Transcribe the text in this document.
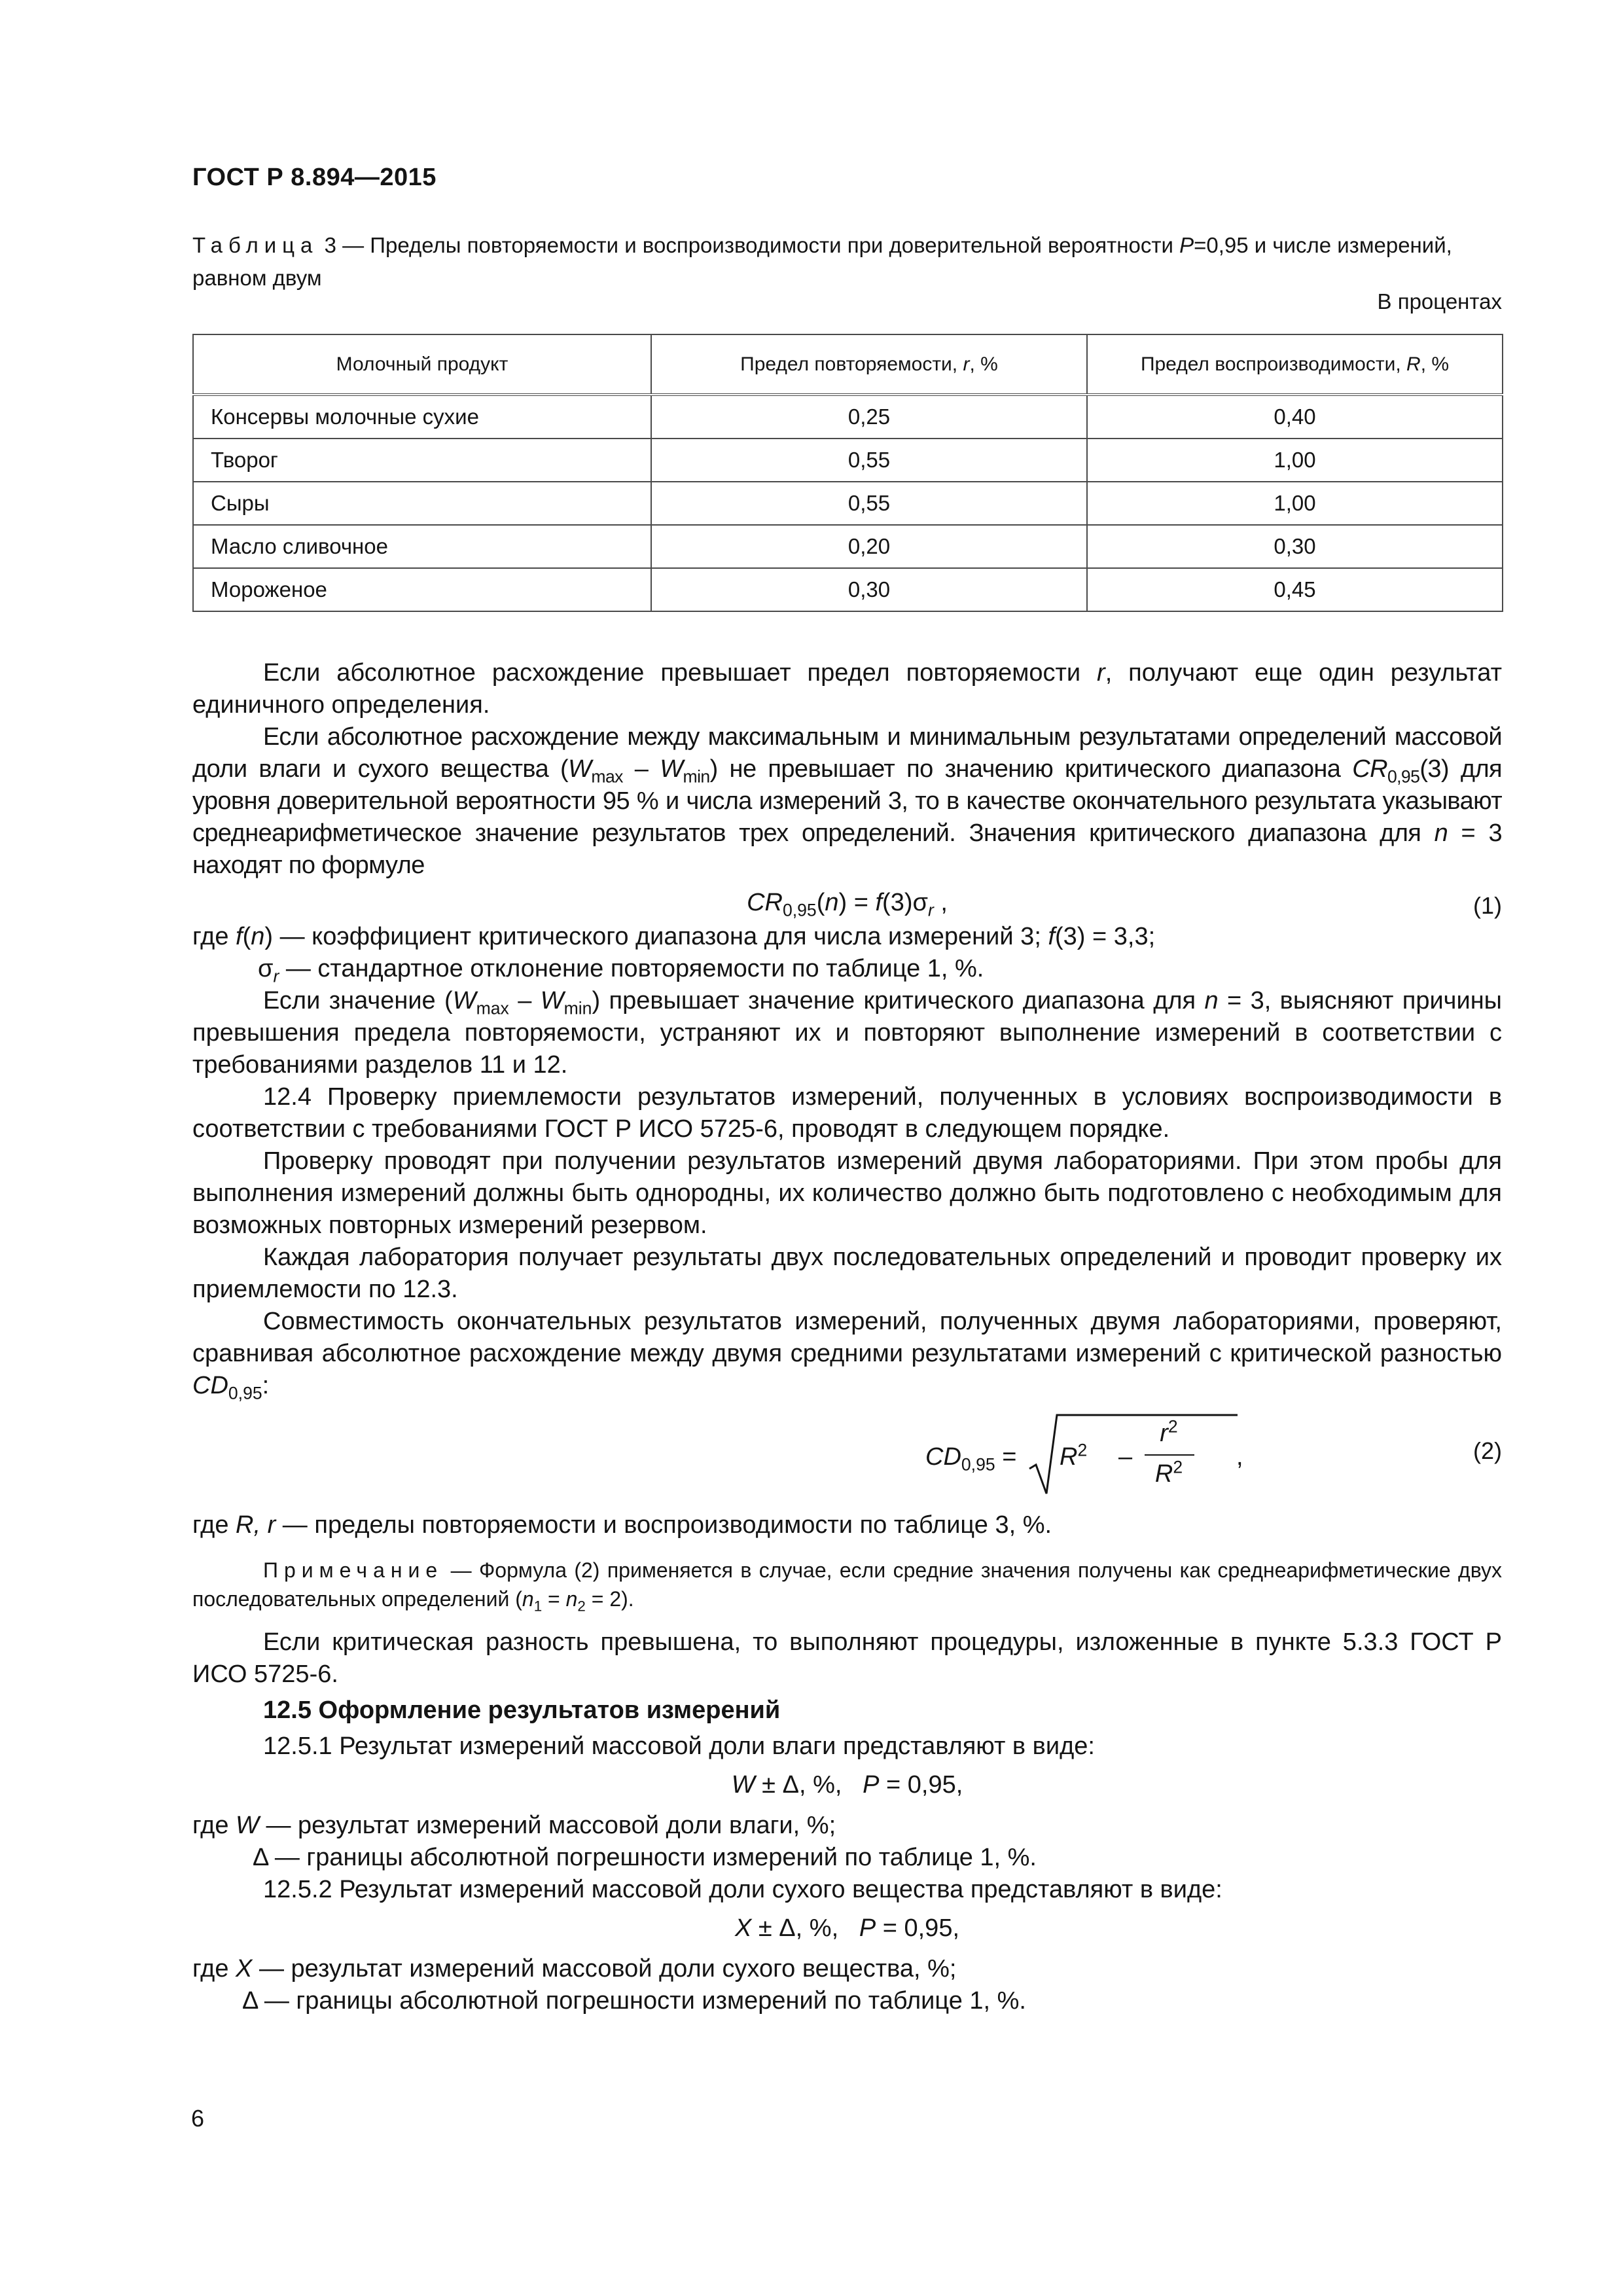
ГОСТ Р 8.894—2015
Таблица 3 — Пределы повторяемости и воспроизводимости при доверительной вероятности P=0,95 и числе измерений, равном двум
В процентах
Молочный продукт	Предел повторяемости, r, %	Предел воспроизводимости, R, %
Консервы молочные сухие	0,25	0,40
Творог	0,55	1,00
Сыры	0,55	1,00
Масло сливочное	0,20	0,30
Мороженое	0,30	0,45

Если абсолютное расхождение превышает предел повторяемости r, получают еще один результат единичного определения.

Если абсолютное расхождение между максимальным и минимальным результатами определений массовой доли влаги и сухого вещества $(W_{max} - W_{min})$ не превышает по значению критического диапазона $CR_{0,95}(3)$ для уровня доверительной вероятности 95 % и числа измерений 3, то в качестве окончательного результата указывают среднеарифметическое значение результатов трех определений. Значения критического диапазона для n = 3 находят по формуле

$CR_{0,95}(n) = f(3)\sigma_r$ ,	(1)

где f(n) — коэффициент критического диапазона для числа измерений 3; f(3) = 3,3;

$\sigma_r$ — стандартное отклонение повторяемости по таблице 1, %.

Если значение $(W_{max} - W_{min})$ превышает значение критического диапазона для n = 3, выясняют причины превышения предела повторяемости, устраняют их и повторяют выполнение измерений в соответствии с требованиями разделов 11 и 12.

12.4 Проверку приемлемости результатов измерений, полученных в условиях воспроизводимости в соответствии с требованиями ГОСТ Р ИСО 5725-6, проводят в следующем порядке.

Проверку проводят при получении результатов измерений двумя лабораториями. При этом пробы для выполнения измерений должны быть однородны, их количество должно быть подготовлено с необходимым для возможных повторных измерений резервом.

Каждая лаборатория получает результаты двух последовательных определений и проводит проверку их приемлемости по 12.3.

Совместимость окончательных результатов измерений, полученных двумя лабораториями, проверяют, сравнивая абсолютное расхождение между двумя средними результатами измерений с критической разностью $CD_{0,95}$:

$CD_{0,95} = R^2$ –
$r^2$
$R^2$	,	(2)

где R, r — пределы повторяемости и воспроизводимости по таблице 3, %.

Примечание — Формула (2) применяется в случае, если средние значения получены как среднеарифметические двух последовательных определений $(n_1 = n_2 = 2)$.

Если критическая разность превышена, то выполняют процедуры, изложенные в пункте 5.3.3 ГОСТ Р ИСО 5725-6.

12.5 Оформление результатов измерений

12.5.1 Результат измерений массовой доли влаги представляют в виде:

W ± Δ, %,   P = 0,95,

где W — результат измерений массовой доли влаги, %;

Δ — границы абсолютной погрешности измерений по таблице 1, %.

12.5.2 Результат измерений массовой доли сухого вещества представляют в виде:

X ± Δ, %,   P = 0,95,

где X — результат измерений массовой доли сухого вещества, %;

Δ — границы абсолютной погрешности измерений по таблице 1, %.

6
